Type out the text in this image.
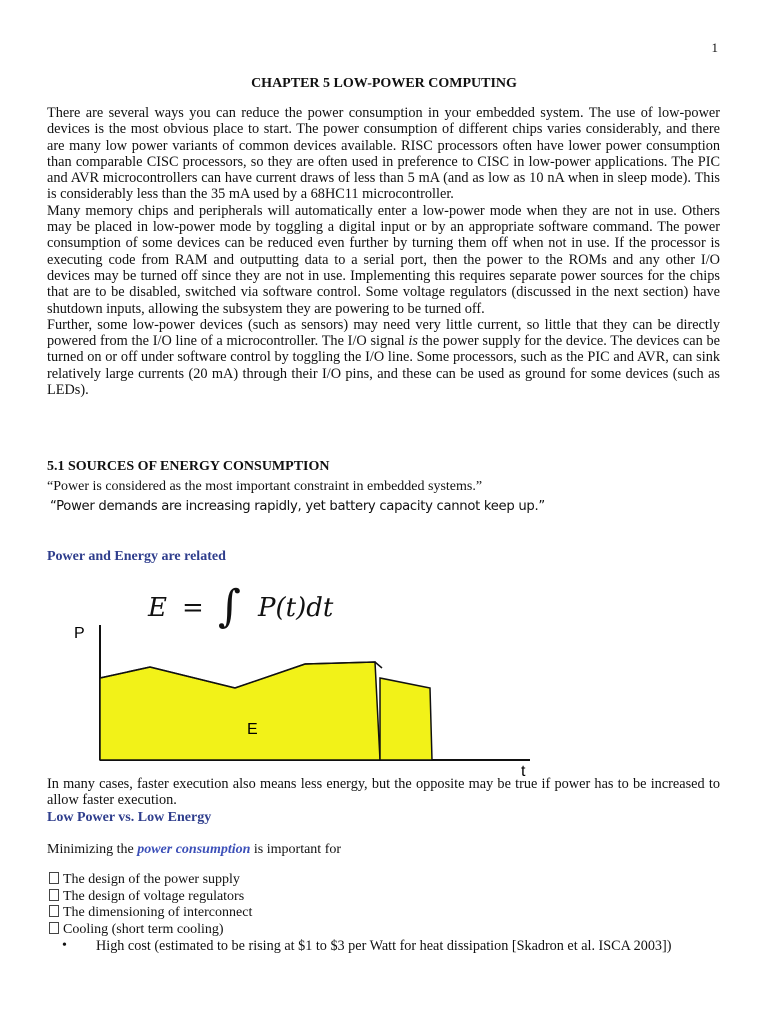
1
CHAPTER 5 LOW-POWER COMPUTING

There are several ways you can reduce the power consumption in your embedded system. The use of low-power devices is the most obvious place to start. The power consumption of different chips varies considerably, and there are many low power variants of common devices available. RISC processors often have lower power consumption than comparable CISC processors, so they are often used in preference to CISC in low-power applications. The PIC and AVR microcontrollers can have current draws of less than 5 mA (and as low as 10 nA when in sleep mode). This is considerably less than the 35 mA used by a 68HC11 microcontroller.

Many memory chips and peripherals will automatically enter a low-power mode when they are not in use. Others may be placed in low-power mode by toggling a digital input or by an appropriate software command. The power consumption of some devices can be reduced even further by turning them off when not in use. If the processor is executing code from RAM and outputting data to a serial port, then the power to the ROMs and any other I/O devices may be turned off since they are not in use. Implementing this requires separate power sources for the chips that are to be disabled, switched via software control. Some voltage regulators (discussed in the next section) have shutdown inputs, allowing the subsystem they are powering to be turned off.

Further, some low-power devices (such as sensors) may need very little current, so little that they can be directly powered from the I/O line of a microcontroller. The I/O signal is the power supply for the device. The devices can be turned on or off under software control by toggling the I/O line. Some processors, such as the PIC and AVR, can sink relatively large currents (20 mA) through their I/O pins, and these can be used as ground for some devices (such as LEDs).

5.1 SOURCES OF ENERGY CONSUMPTION
“Power is considered as the most important constraint in embedded systems.”
“Power demands are increasing rapidly, yet battery capacity cannot keep up.”
Power and Energy are related
E = ∫ P(t)dt
P
t
E
In many cases, faster execution also means less energy, but the opposite may be true if power has to be increased to allow faster execution.
Low Power vs. Low Energy
Minimizing the power consumption is important for
The design of the power supply
The design of voltage regulators
The dimensioning of interconnect
Cooling (short term cooling)
• High cost (estimated to be rising at $1 to $3 per Watt for heat dissipation [Skadron et al. ISCA 2003])
